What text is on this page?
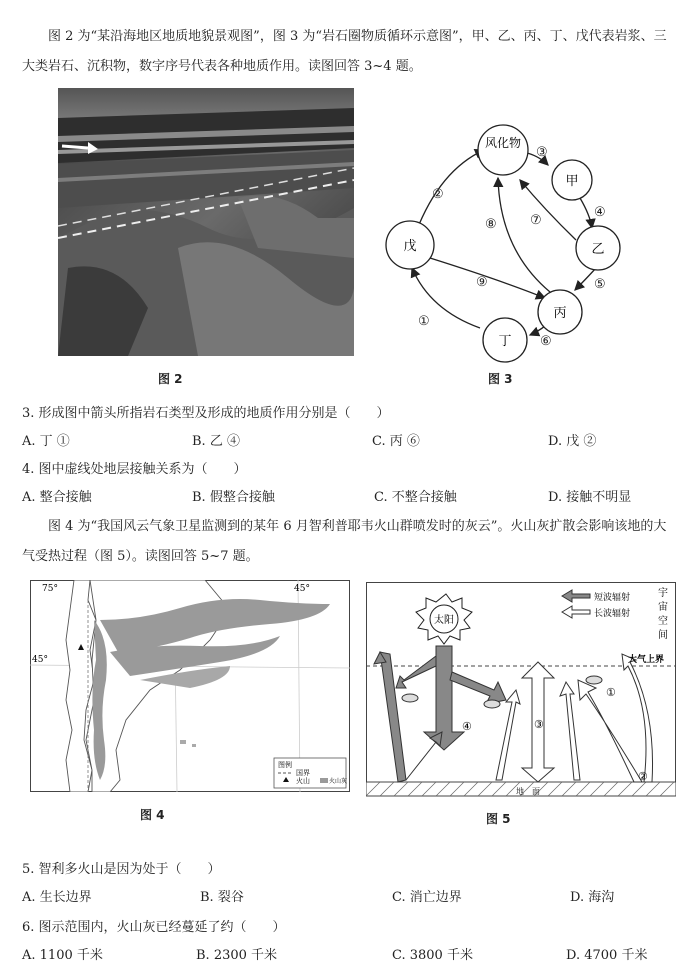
图 2 为“某沿海地区地质地貌景观图”，图 3 为“岩石圈物质循环示意图”，甲、乙、丙、丁、戊代表岩浆、三大类岩石、沉积物，数字序号代表各种地质作用。读图回答 3~4 题。
图 2
风化物
甲
乙
丙
丁
戊
③
④
⑤
⑥
①
②
⑦
⑧
⑨
图 3
3. 形成图中箭头所指岩石类型及形成的地质作用分别是（　　）
A. 丁 ①	B. 乙 ④	C. 丙 ⑥	D. 戊 ②
4. 图中虚线处地层接触关系为（　　）
A. 整合接触	B. 假整合接触	C. 不整合接触	D. 接触不明显
图 4 为“我国风云气象卫星监测到的某年 6 月智利普耶韦火山群喷发时的灰云”。火山灰扩散会影响该地的大气受热过程（图 5）。读图回答 5~7 题。
75°	45°
45°
图例
国界
火山	火山灰
图 4
地　面
太阳
④	③
①
②
短波辐射
长波辐射
宇
宙
空
间
大气上界
图 5
5. 智利多火山是因为处于（　　）
A. 生长边界	B. 裂谷	C. 消亡边界	D. 海沟
6. 图示范围内，火山灰已经蔓延了约（　　）
A. 1100 千米	B. 2300 千米	C. 3800 千米	D. 4700 千米
